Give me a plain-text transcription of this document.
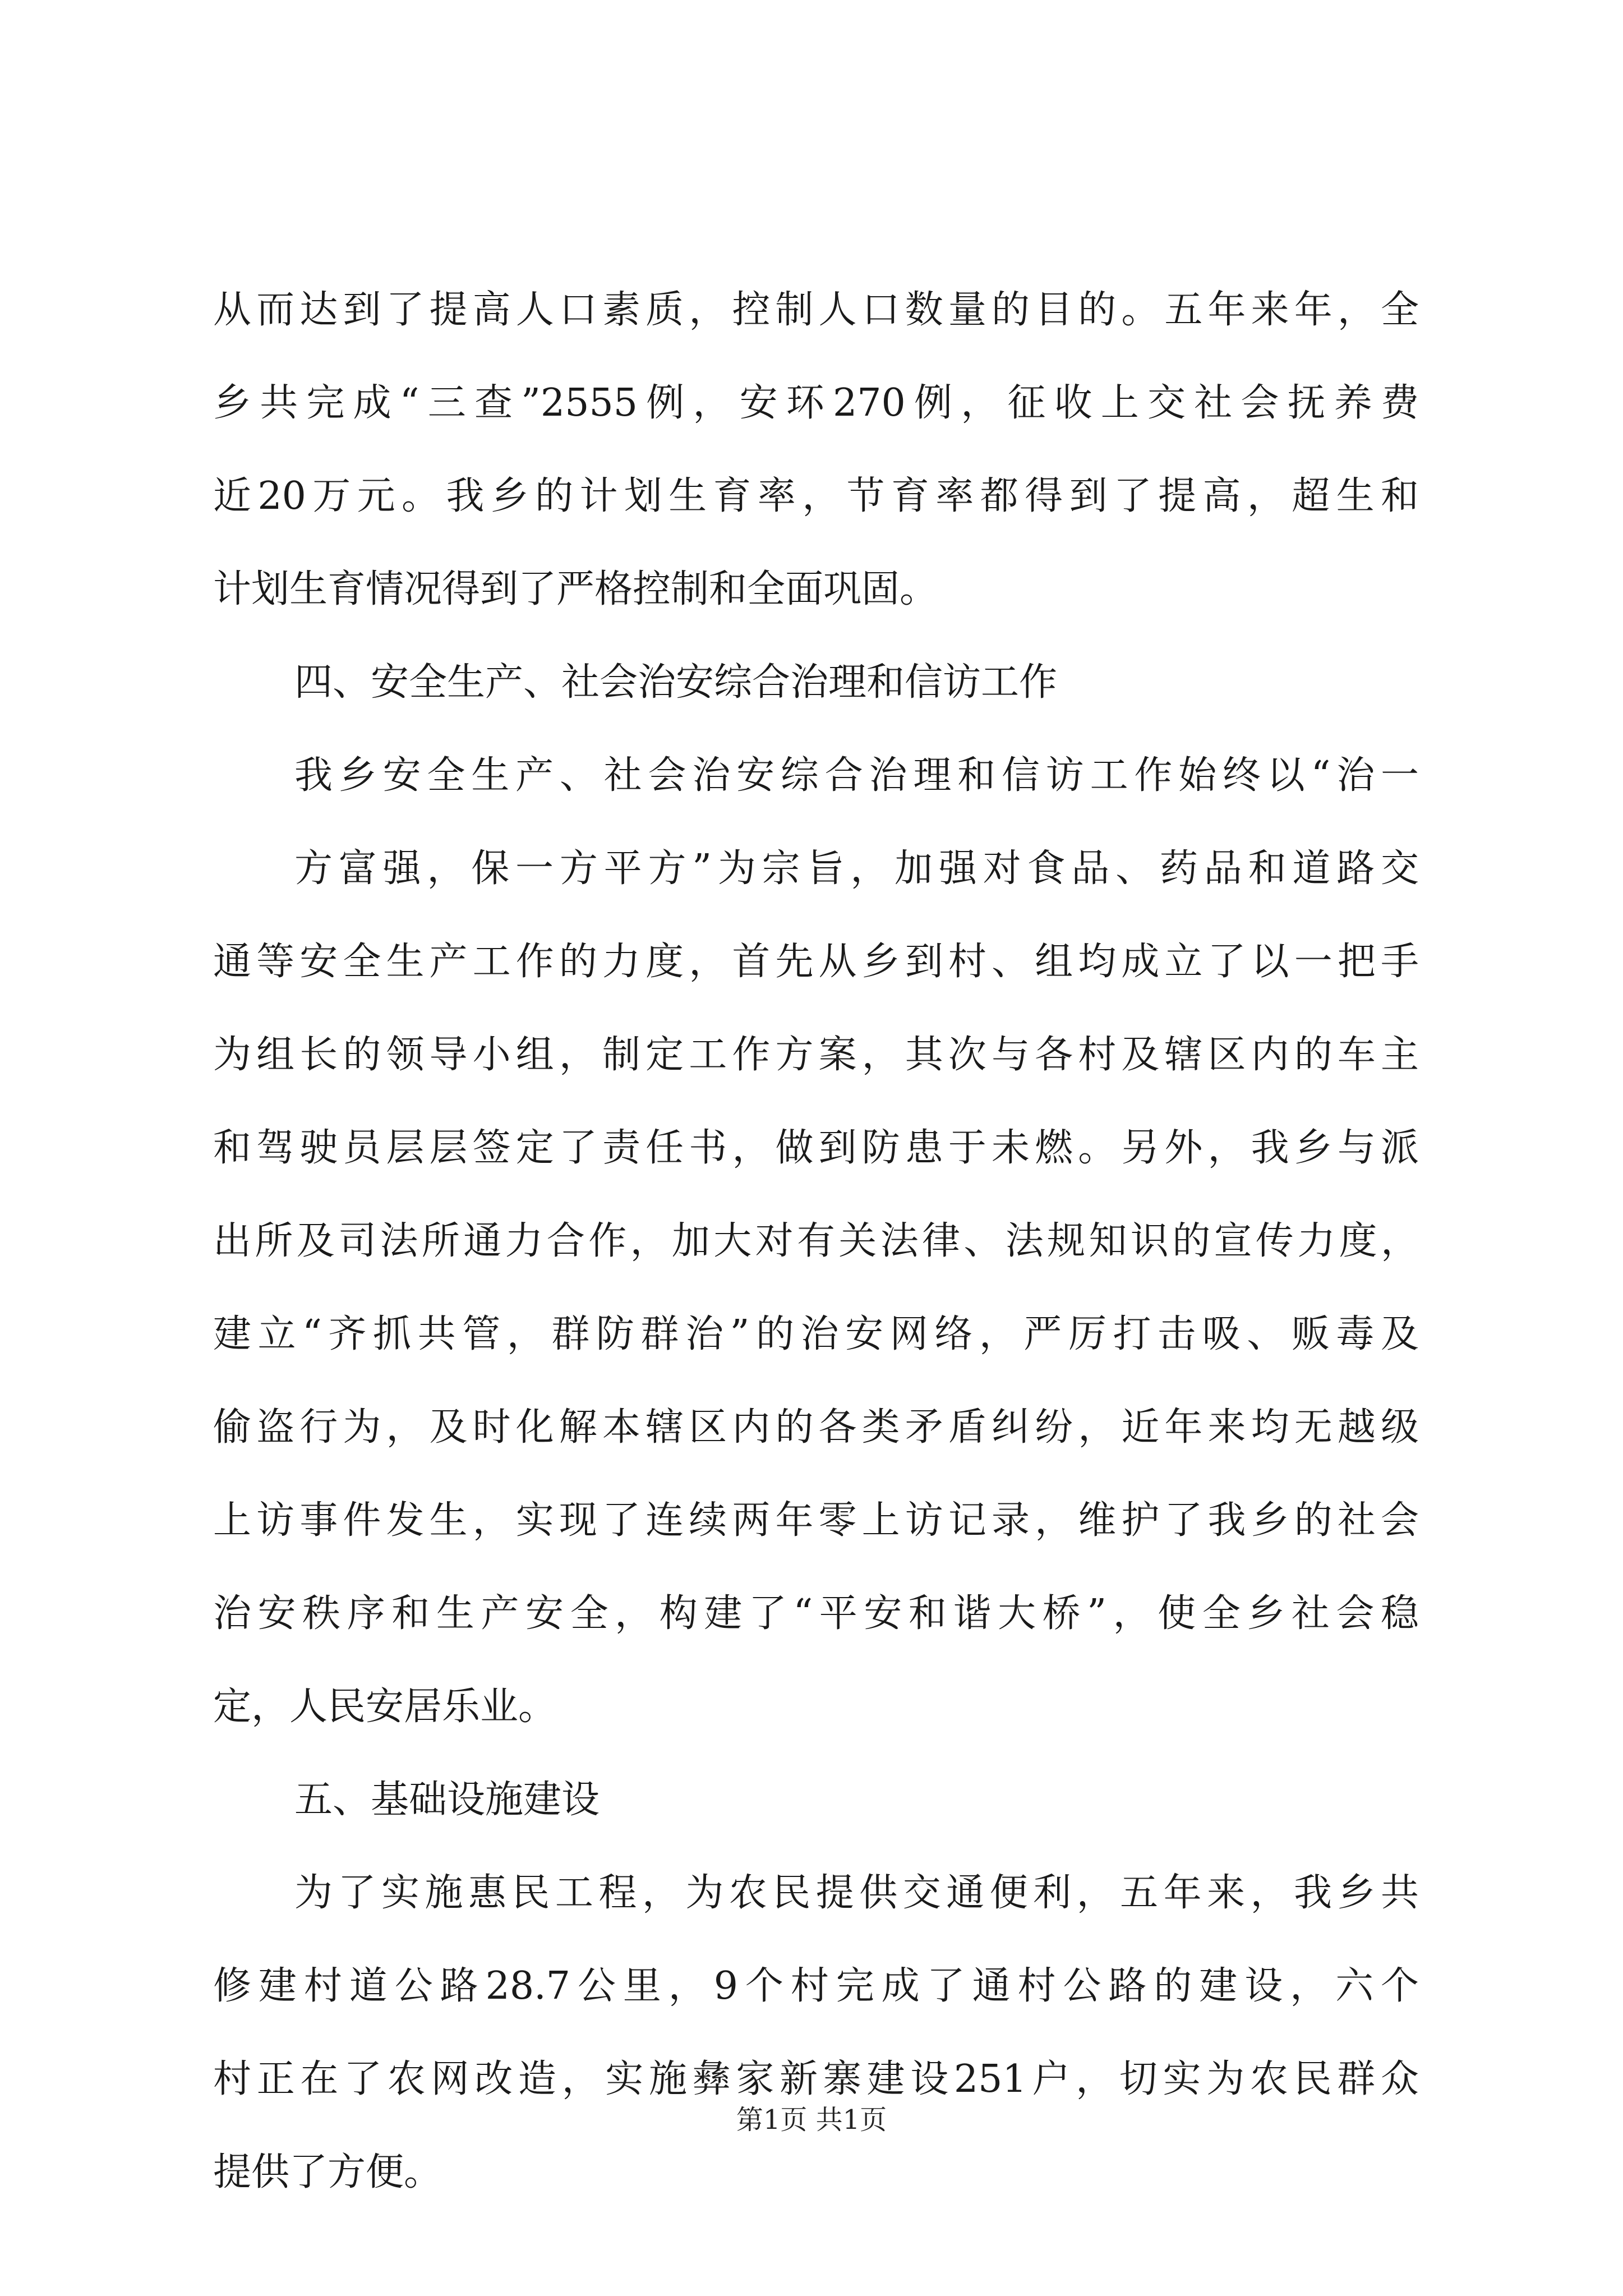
从而达到了提高人口素质，控制人口数量的目的。五年来年，全
乡共完成“三查”2555例，安环270例，征收上交社会抚养费
近20万元。我乡的计划生育率，节育率都得到了提高，超生和
计划生育情况得到了严格控制和全面巩固。
四、安全生产、社会治安综合治理和信访工作
我乡安全生产、社会治安综合治理和信访工作始终以“治一
方富强，保一方平方”为宗旨，加强对食品、药品和道路交
通等安全生产工作的力度，首先从乡到村、组均成立了以一把手
为组长的领导小组，制定工作方案，其次与各村及辖区内的车主
和驾驶员层层签定了责任书，做到防患于未燃。另外，我乡与派
出所及司法所通力合作，加大对有关法律、法规知识的宣传力度，
建立“齐抓共管，群防群治”的治安网络，严厉打击吸、贩毒及
偷盗行为，及时化解本辖区内的各类矛盾纠纷，近年来均无越级
上访事件发生，实现了连续两年零上访记录，维护了我乡的社会
治安秩序和生产安全，构建了“平安和谐大桥”，使全乡社会稳
定，人民安居乐业。
五、基础设施建设
为了实施惠民工程，为农民提供交通便利，五年来，我乡共
修建村道公路28.7公里，9个村完成了通村公路的建设，六个
村正在了农网改造，实施彝家新寨建设251户，切实为农民群众
提供了方便。
第1页 共1页
